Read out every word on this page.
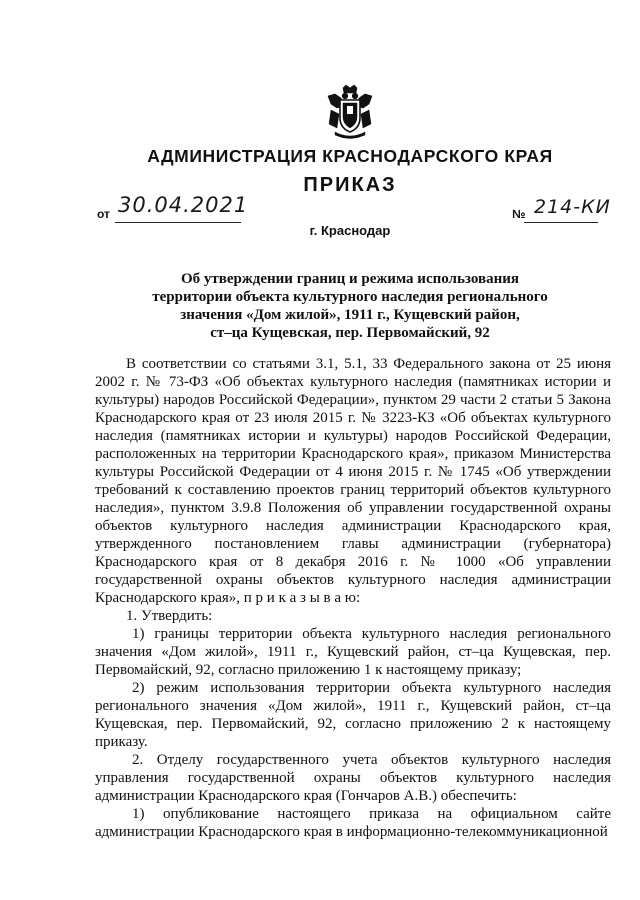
АДМИНИСТРАЦИЯ КРАСНОДАРСКОГО КРАЯ
ПРИКАЗ
от 30.04.2021	№ 214-КИ
г. Краснодар
Об утверждении границ и режима использования
территории объекта культурного наследия регионального
значения «Дом жилой», 1911 г., Кущевский район,
ст–ца Кущевская, пер. Первомайский, 92

В соответствии со статьями 3.1, 5.1, 33 Федерального закона от 25 июня 2002 г. № 73-ФЗ «Об объектах культурного наследия (памятниках истории и культуры) народов Российской Федерации», пунктом 29 части 2 статьи 5 Закона Краснодарского края от 23 июля 2015 г. № 3223-КЗ «Об объектах культурного наследия (памятниках истории и культуры) народов Российской Федерации, расположенных на территории Краснодарского края», приказом Министерства культуры Российской Федерации от 4 июня 2015 г. № 1745 «Об утверждении требований к составлению проектов границ территорий объектов культурного наследия», пунктом 3.9.8 Положения об управлении государственной охраны объектов культурного наследия администрации Краснодарского края, утвержденного постановлением главы администрации (губернатора) Краснодарского края от 8 декабря 2016 г. № 1000 «Об управлении государственной охраны объектов культурного наследия администрации Краснодарского края», п р и к а з ы в а ю:

1. Утвердить:

1) границы территории объекта культурного наследия регионального значения «Дом жилой», 1911 г., Кущевский район, ст–ца Кущевская, пер. Первомайский, 92, согласно приложению 1 к настоящему приказу;

2) режим использования территории объекта культурного наследия регионального значения «Дом жилой», 1911 г., Кущевский район, ст–ца Кущевская, пер. Первомайский, 92, согласно приложению 2 к настоящему приказу.

2. Отделу государственного учета объектов культурного наследия управления государственной охраны объектов культурного наследия администрации Краснодарского края (Гончаров А.В.) обеспечить:

1) опубликование настоящего приказа на официальном сайте администрации Краснодарского края в информационно-телекоммуникационной
